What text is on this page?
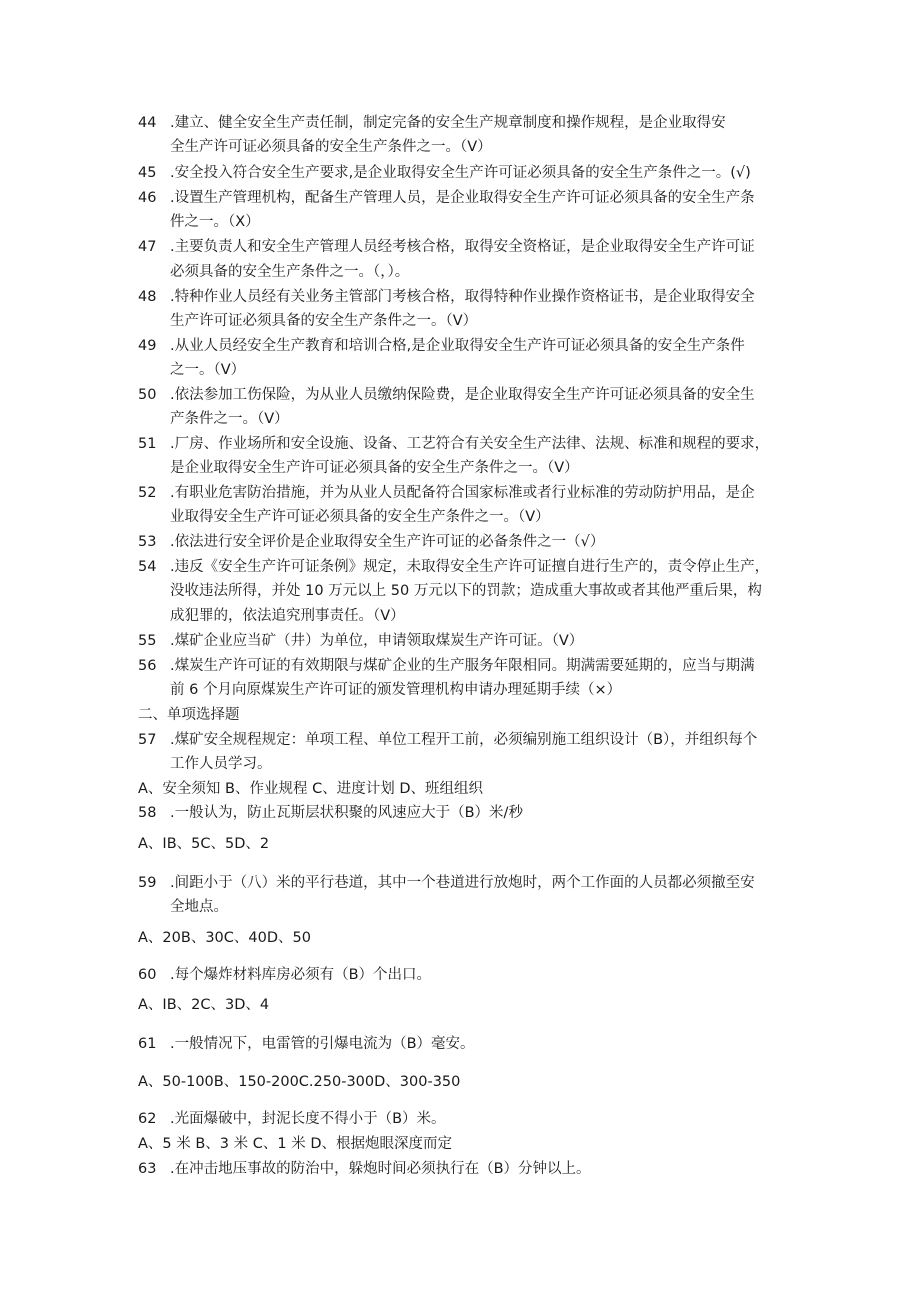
44 .建立、健全安全生产责任制，制定完备的安全生产规章制度和操作规程，是企业取得安
全生产许可证必须具备的安全生产条件之一。（V）
45 .安全投入符合安全生产要求,是企业取得安全生产许可证必须具备的安全生产条件之一。(√)
46 .设置生产管理机构，配备生产管理人员，是企业取得安全生产许可证必须具备的安全生产条
件之一。（X）
47 .主要负责人和安全生产管理人员经考核合格，取得安全资格证，是企业取得安全生产许可证
必须具备的安全生产条件之一。（，）。
48 .特种作业人员经有关业务主管部门考核合格，取得特种作业操作资格证书，是企业取得安全
生产许可证必须具备的安全生产条件之一。（V）
49 .从业人员经安全生产教育和培训合格,是企业取得安全生产许可证必须具备的安全生产条件
之一。（V）
50 .依法参加工伤保险，为从业人员缴纳保险费，是企业取得安全生产许可证必须具备的安全生
产条件之一。（V）
51 .厂房、作业场所和安全设施、设备、工艺符合有关安全生产法律、法规、标准和规程的要求，
是企业取得安全生产许可证必须具备的安全生产条件之一。（V）
52 .有职业危害防治措施，并为从业人员配备符合国家标准或者行业标准的劳动防护用品，是企
业取得安全生产许可证必须具备的安全生产条件之一。（V）
53 .依法进行安全评价是企业取得安全生产许可证的必备条件之一（√）
54 .违反《安全生产许可证条例》规定，未取得安全生产许可证擅自进行生产的，责令停止生产，
没收违法所得，并处 10 万元以上 50 万元以下的罚款；造成重大事故或者其他严重后果，构
成犯罪的，依法追究刑事责任。（V）
55 .煤矿企业应当矿（井）为单位，申请领取煤炭生产许可证。（V）
56 .煤炭生产许可证的有效期限与煤矿企业的生产服务年限相同。期满需要延期的，应当与期满
前 6 个月向原煤炭生产许可证的颁发管理机构申请办理延期手续（×）
二、单项选择题
57 .煤矿安全规程规定：单项工程、单位工程开工前，必须编别施工组织设计（B），并组织每个
工作人员学习。
A、安全须知 B、作业规程 C、进度计划 D、班组组织
58 .一般认为，防止瓦斯层状积聚的风速应大于（B）米/秒
A、IB、5C、5D、2
59 .间距小于（八）米的平行巷道，其中一个巷道进行放炮时，两个工作面的人员都必须撤至安
全地点。
A、20B、30C、40D、50
60 .每个爆炸材料库房必须有（B）个出口。
A、IB、2C、3D、4
61 .一般情况下，电雷管的引爆电流为（B）毫安。
A、50-100B、150-200C.250-300D、300-350
62 .光面爆破中，封泥长度不得小于（B）米。
A、5 米 B、3 米 C、1 米 D、根据炮眼深度而定
63 .在冲击地压事故的防治中，躲炮时间必须执行在（B）分钟以上。
